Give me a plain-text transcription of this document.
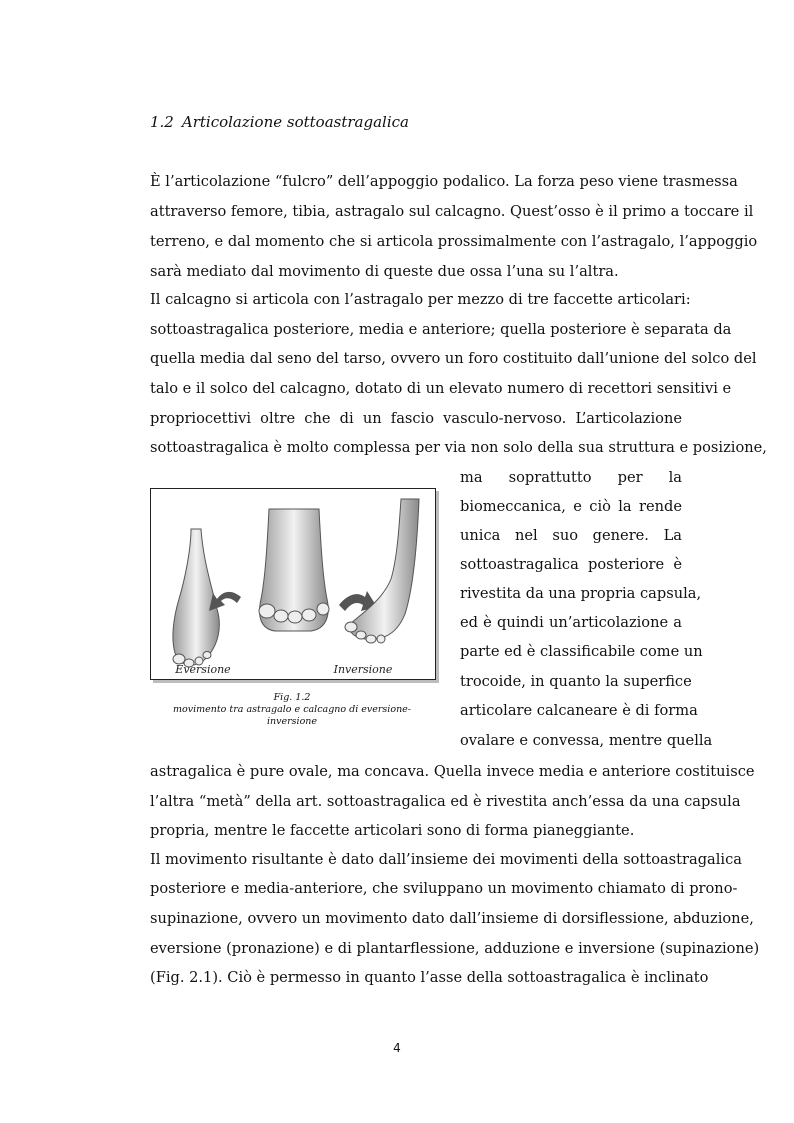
1.2 Articolazione sottoastragalica
È l’articolazione “fulcro” dell’appoggio podalico. La forza peso viene trasmessa
attraverso femore, tibia, astragalo sul calcagno. Quest’osso è il primo a toccare il
terreno, e dal momento che si articola prossimalmente con l’astragalo, l’appoggio
sarà mediato dal movimento di queste due ossa l’una su l’altra.
Il calcagno si articola con l’astragalo per mezzo di tre faccette articolari:
sottoastragalica posteriore, media e anteriore; quella posteriore è separata da
quella media dal seno del tarso, ovvero un foro costituito dall’unione del solco del
talo e il solco del calcagno, dotato di un elevato numero di recettori sensitivi e
propriocettivi oltre che di un fascio vasculo-nervoso. L’articolazione
sottoastragalica è molto complessa per via non solo della sua struttura e posizione,
ma soprattutto per la
biomeccanica, e ciò la rende
unica nel suo genere. La
sottoastragalica posteriore è
rivestita da una propria capsula,
ed è quindi un’articolazione a
parte ed è classificabile come un
trocoide, in quanto la superfice
articolare calcaneare è di forma
ovalare e convessa, mentre quella
Eversione	Inversione
Fig. 1.2
movimento tra astragalo e calcagno di eversione-
inversione
astragalica è pure ovale, ma concava. Quella invece media e anteriore costituisce
l’altra “metà” della art. sottoastragalica ed è rivestita anch’essa da una capsula
propria, mentre le faccette articolari sono di forma pianeggiante.
Il movimento risultante è dato dall’insieme dei movimenti della sottoastragalica
posteriore e media-anteriore, che sviluppano un movimento chiamato di prono-
supinazione, ovvero un movimento dato dall’insieme di dorsiflessione, abduzione,
eversione (pronazione) e di plantarflessione, adduzione e inversione (supinazione)
(Fig. 2.1). Ciò è permesso in quanto l’asse della sottoastragalica è inclinato
4
